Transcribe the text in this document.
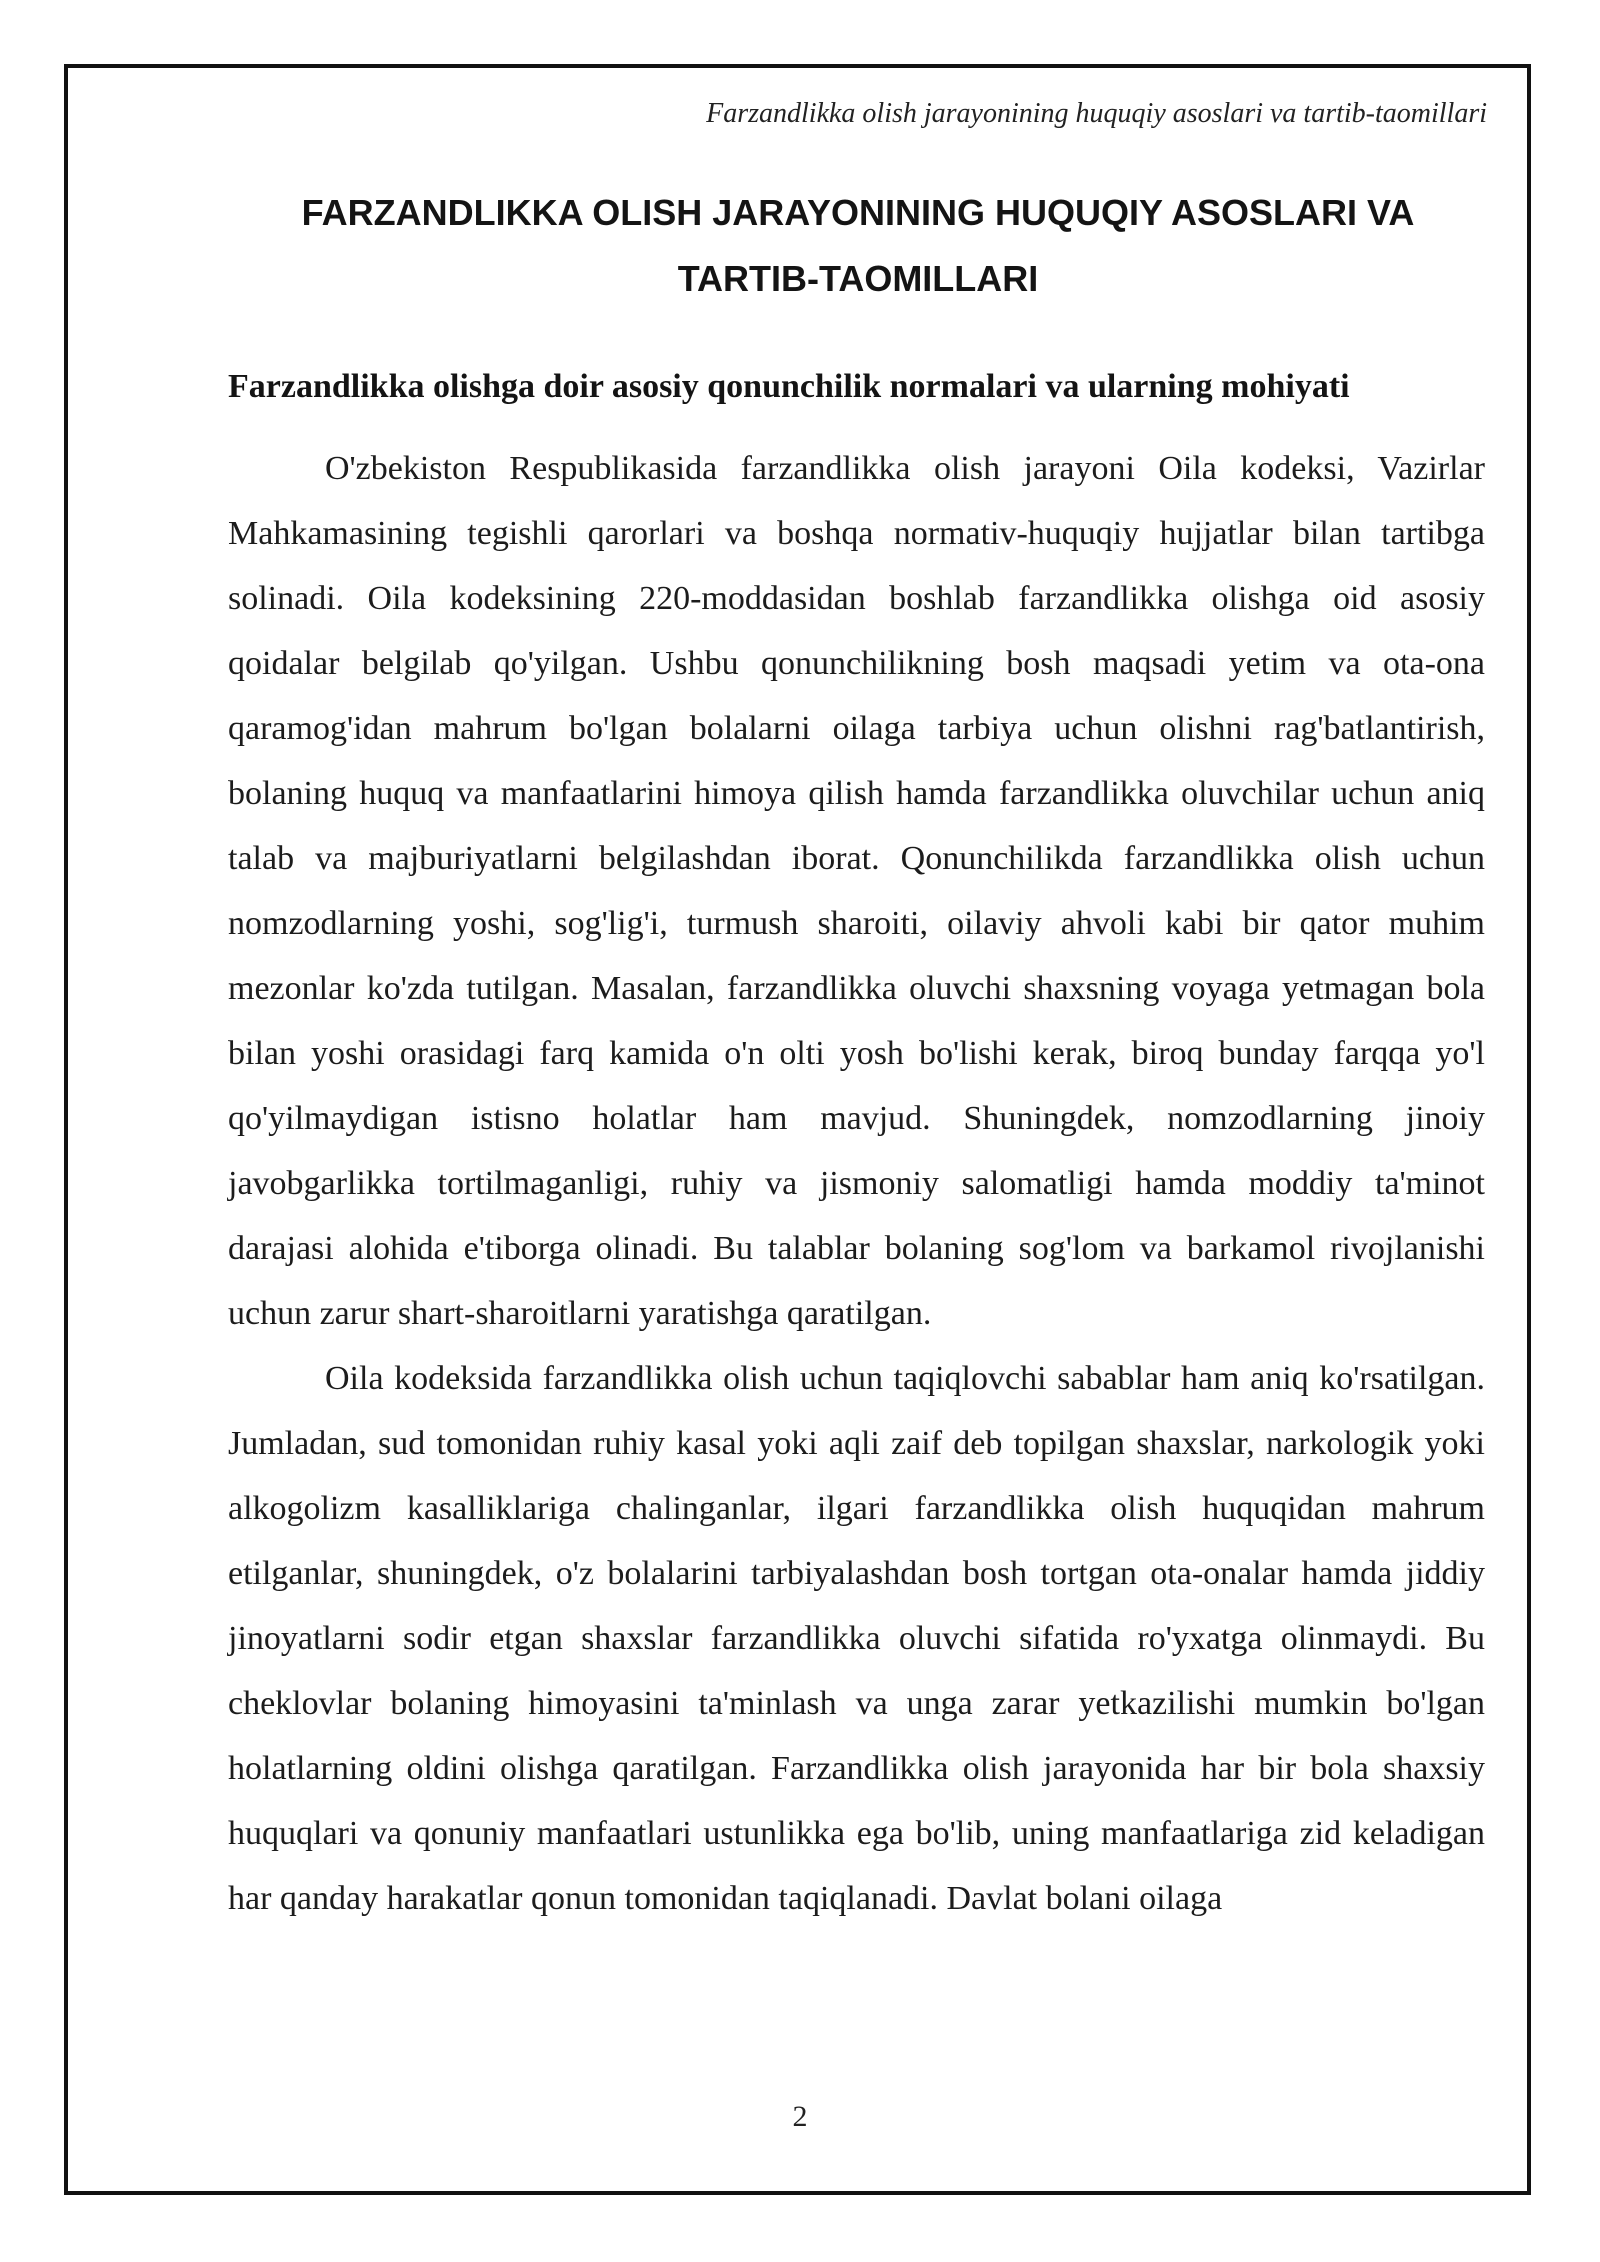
Farzandlikka olish jarayonining huquqiy asoslari va tartib-taomillari
FARZANDLIKKA OLISH JARAYONINING HUQUQIY ASOSLARI VA TARTIB-TAOMILLARI
Farzandlikka olishga doir asosiy qonunchilik normalari va ularning mohiyati

O'zbekiston Respublikasida farzandlikka olish jarayoni Oila kodeksi, Vazirlar Mahkamasining tegishli qarorlari va boshqa normativ-huquqiy hujjatlar bilan tartibga solinadi. Oila kodeksining 220-moddasidan boshlab farzandlikka olishga oid asosiy qoidalar belgilab qo'yilgan. Ushbu qonunchilikning bosh maqsadi yetim va ota-ona qaramog'idan mahrum bo'lgan bolalarni oilaga tarbiya uchun olishni rag'batlantirish, bolaning huquq va manfaatlarini himoya qilish hamda farzandlikka oluvchilar uchun aniq talab va majburiyatlarni belgilashdan iborat. Qonunchilikda farzandlikka olish uchun nomzodlarning yoshi, sog'lig'i, turmush sharoiti, oilaviy ahvoli kabi bir qator muhim mezonlar ko'zda tutilgan. Masalan, farzandlikka oluvchi shaxsning voyaga yetmagan bola bilan yoshi orasidagi farq kamida o'n olti yosh bo'lishi kerak, biroq bunday farqqa yo'l qo'yilmaydigan istisno holatlar ham mavjud. Shuningdek, nomzodlarning jinoiy javobgarlikka tortilmaganligi, ruhiy va jismoniy salomatligi hamda moddiy ta'minot darajasi alohida e'tiborga olinadi. Bu talablar bolaning sog'lom va barkamol rivojlanishi uchun zarur shart-sharoitlarni yaratishga qaratilgan.

Oila kodeksida farzandlikka olish uchun taqiqlovchi sabablar ham aniq ko'rsatilgan. Jumladan, sud tomonidan ruhiy kasal yoki aqli zaif deb topilgan shaxslar, narkologik yoki alkogolizm kasalliklariga chalinganlar, ilgari farzandlikka olish huquqidan mahrum etilganlar, shuningdek, o'z bolalarini tarbiyalashdan bosh tortgan ota-onalar hamda jiddiy jinoyatlarni sodir etgan shaxslar farzandlikka oluvchi sifatida ro'yxatga olinmaydi. Bu cheklovlar bolaning himoyasini ta'minlash va unga zarar yetkazilishi mumkin bo'lgan holatlarning oldini olishga qaratilgan. Farzandlikka olish jarayonida har bir bola shaxsiy huquqlari va qonuniy manfaatlari ustunlikka ega bo'lib, uning manfaatlariga zid keladigan har qanday harakatlar qonun tomonidan taqiqlanadi. Davlat bolani oilaga

2
